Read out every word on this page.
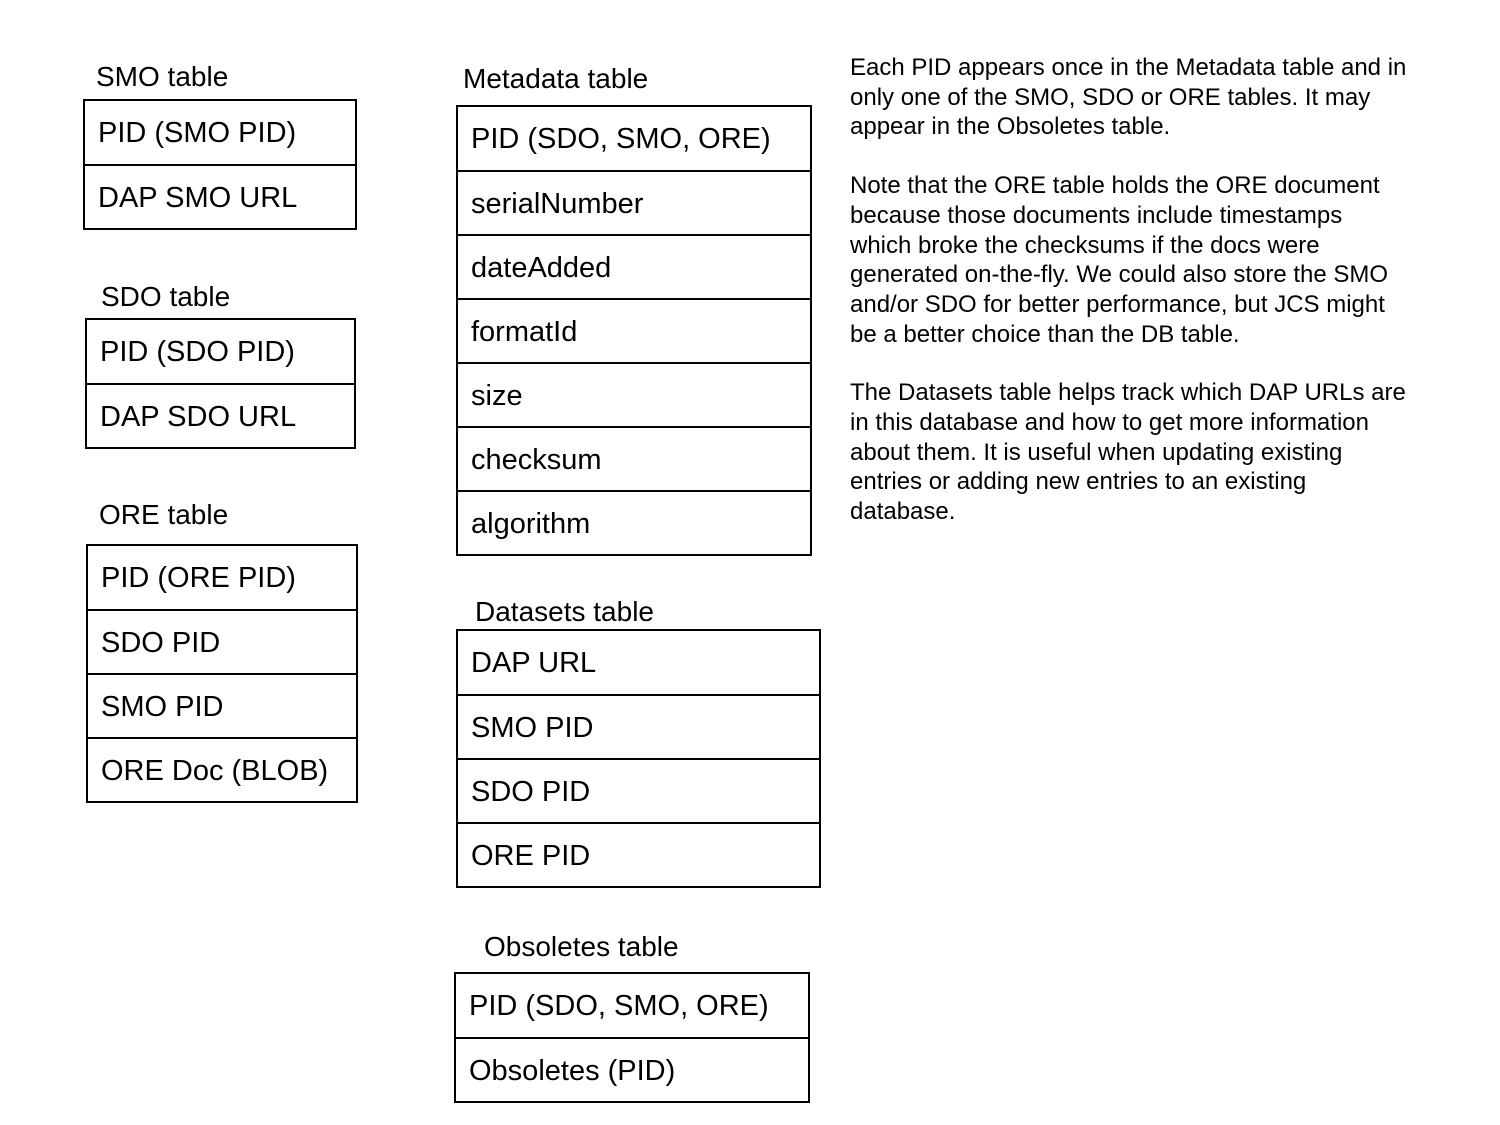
SMO table
PID (SMO PID)
DAP SMO URL
SDO table
PID (SDO PID)
DAP SDO URL
ORE table
PID (ORE PID)
SDO PID
SMO PID
ORE Doc (BLOB)
Metadata table
PID (SDO, SMO, ORE)
serialNumber
dateAdded
formatId
size
checksum
algorithm
Datasets table
DAP URL
SMO PID
SDO PID
ORE PID
Obsoletes table
PID (SDO, SMO, ORE)
Obsoletes (PID)

Each PID appears once in the Metadata table and in only one of the SMO, SDO or ORE tables. It may appear in the Obsoletes table.

Note that the ORE table holds the ORE document because those documents include timestamps which broke the checksums if the docs were generated on-the-fly. We could also store the SMO and/or SDO for better performance, but JCS might be a better choice than the DB table.

The Datasets table helps track which DAP URLs are in this database and how to get more information about them. It is useful when updating existing entries or adding new entries to an existing database.
